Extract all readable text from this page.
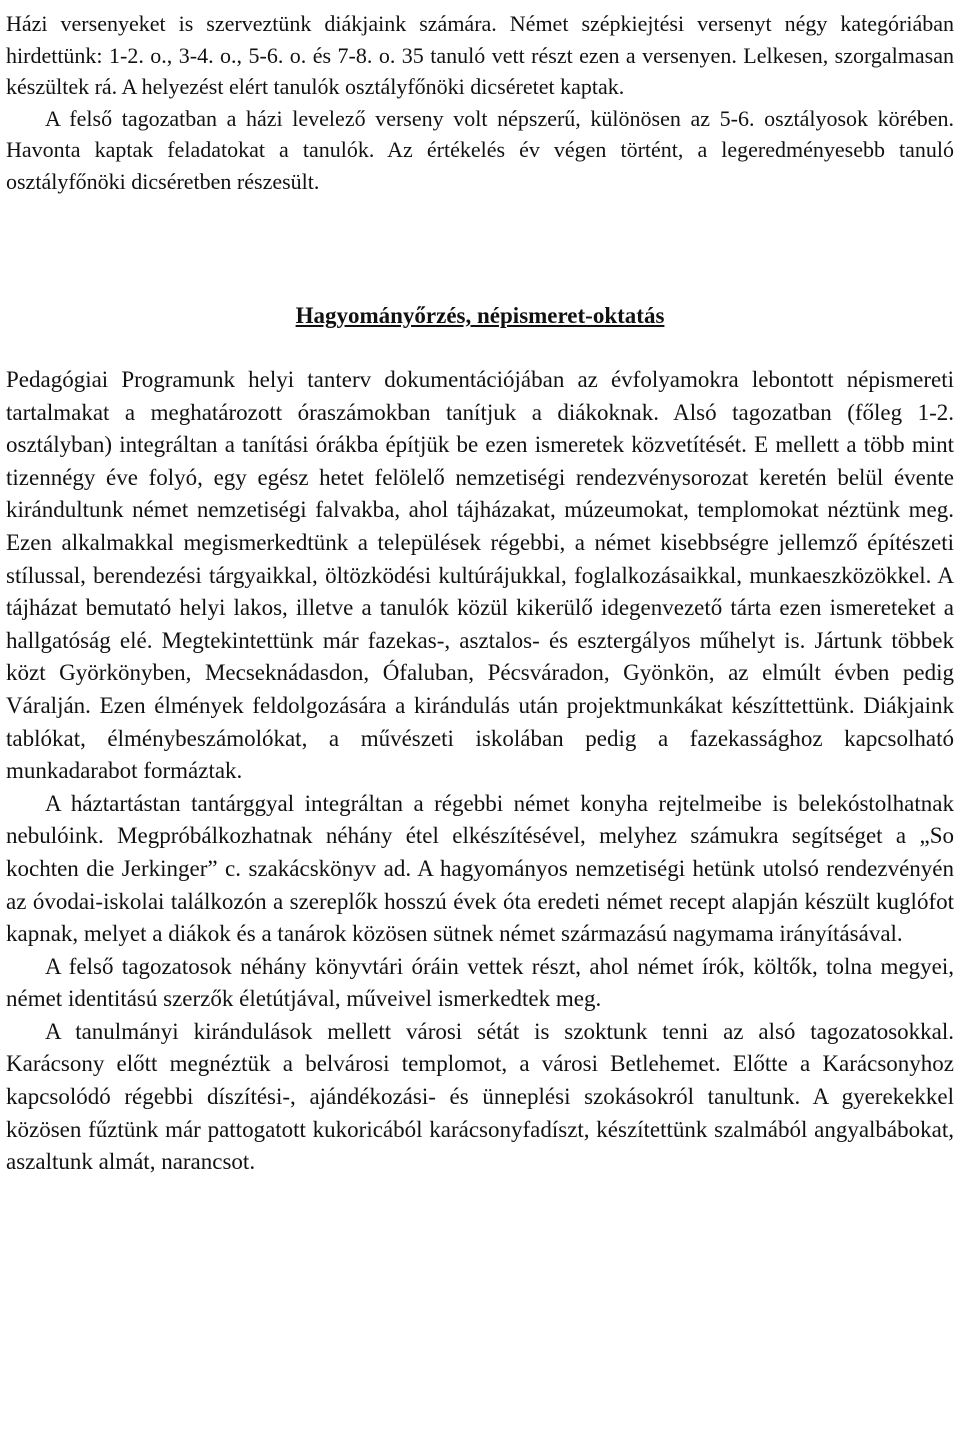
Házi versenyeket is szerveztünk diákjaink számára. Német szépkiejtési versenyt négy kategóriában hirdettünk: 1-2. o., 3-4. o., 5-6. o. és 7-8. o. 35 tanuló vett részt ezen a versenyen. Lelkesen, szorgalmasan készültek rá. A helyezést elért tanulók osztályfőnöki dicséretet kaptak.

A felső tagozatban a házi levelező verseny volt népszerű, különösen az 5-6. osztályosok körében. Havonta kaptak feladatokat a tanulók. Az értékelés év végen történt, a legeredményesebb tanuló osztályfőnöki dicséretben részesült.

Hagyományőrzés, népismeret-oktatás

Pedagógiai Programunk helyi tanterv dokumentációjában az évfolyamokra lebontott népismereti tartalmakat a meghatározott óraszámokban tanítjuk a diákoknak. Alsó tagozatban (főleg 1-2. osztályban) integráltan a tanítási órákba építjük be ezen ismeretek közvetítését. E mellett a több mint tizennégy éve folyó, egy egész hetet felölelő nemzetiségi rendezvénysorozat keretén belül évente kirándultunk német nemzetiségi falvakba, ahol tájházakat, múzeumokat, templomokat néztünk meg. Ezen alkalmakkal megismerkedtünk a települések régebbi, a német kisebbségre jellemző építészeti stílussal, berendezési tárgyaikkal, öltözködési kultúrájukkal, foglalkozásaikkal, munkaeszközökkel. A tájházat bemutató helyi lakos, illetve a tanulók közül kikerülő idegenvezető tárta ezen ismereteket a hallgatóság elé. Megtekintettünk már fazekas-, asztalos- és esztergályos műhelyt is. Jártunk többek közt Györkönyben, Mecseknádasdon, Ófaluban, Pécsváradon, Gyönkön, az elmúlt évben pedig Váralján. Ezen élmények feldolgozására a kirándulás után projektmunkákat készíttettünk. Diákjaink tablókat, élménybeszámolókat, a művészeti iskolában pedig a fazekassághoz kapcsolható munkadarabot formáztak.

A háztartástan tantárggyal integráltan a régebbi német konyha rejtelmeibe is belekóstolhatnak nebulóink. Megpróbálkozhatnak néhány étel elkészítésével, melyhez számukra segítséget a „So kochten die Jerkinger” c. szakácskönyv ad. A hagyományos nemzetiségi hetünk utolsó rendezvényén az óvodai-iskolai találkozón a szereplők hosszú évek óta eredeti német recept alapján készült kuglófot kapnak, melyet a diákok és a tanárok közösen sütnek német származású nagymama irányításával.

A felső tagozatosok néhány könyvtári óráin vettek részt, ahol német írók, költők, tolna megyei, német identitású szerzők életútjával, műveivel ismerkedtek meg.

A tanulmányi kirándulások mellett városi sétát is szoktunk tenni az alsó tagozatosokkal. Karácsony előtt megnéztük a belvárosi templomot, a városi Betlehemet. Előtte a Karácsonyhoz kapcsolódó régebbi díszítési-, ajándékozási- és ünneplési szokásokról tanultunk. A gyerekekkel közösen fűztünk már pattogatott kukoricából karácsonyfadíszt, készítettünk szalmából angyalbábokat, aszaltunk almát, narancsot.
